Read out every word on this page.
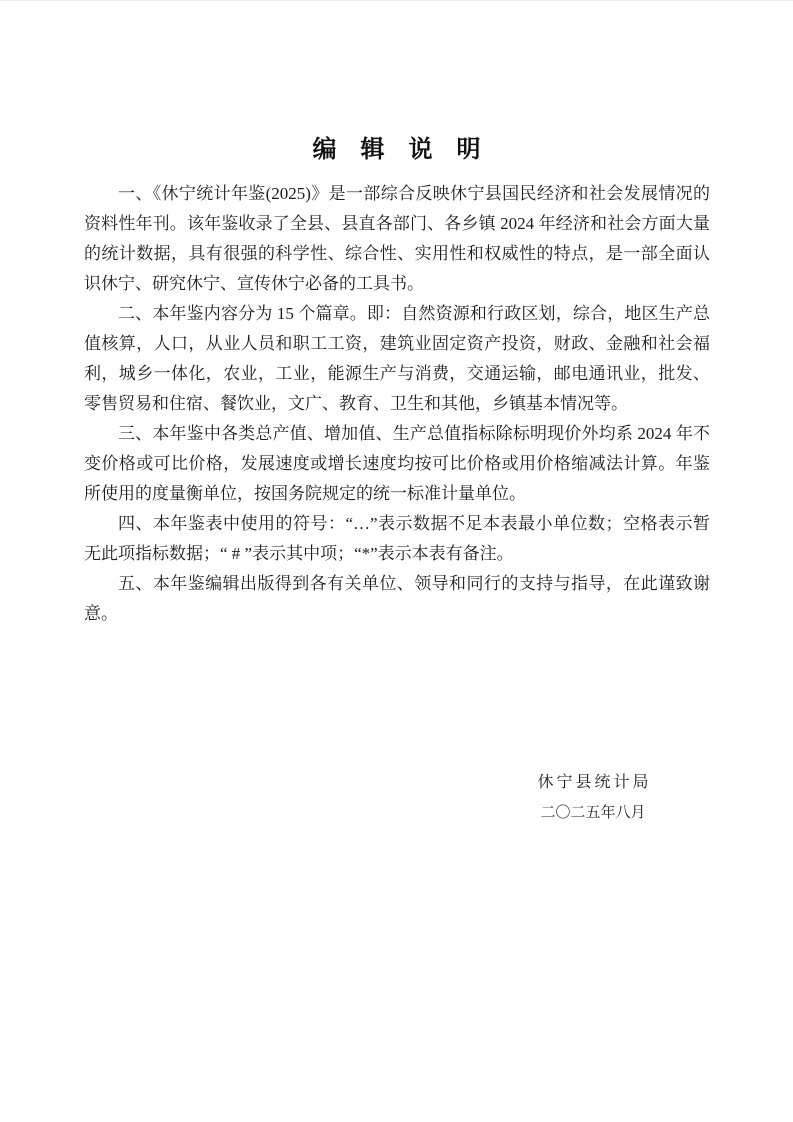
编　辑　说　明

一、《休宁统计年鉴(2025)》是一部综合反映休宁县国民经济和社会发展情况的资料性年刊。该年鉴收录了全县、县直各部门、各乡镇 2024 年经济和社会方面大量的统计数据，具有很强的科学性、综合性、实用性和权威性的特点，是一部全面认识休宁、研究休宁、宣传休宁必备的工具书。

二、本年鉴内容分为 15 个篇章。即：自然资源和行政区划，综合，地区生产总值核算，人口，从业人员和职工工资，建筑业固定资产投资，财政、金融和社会福利，城乡一体化，农业，工业，能源生产与消费，交通运输，邮电通讯业，批发、零售贸易和住宿、餐饮业，文广、教育、卫生和其他，乡镇基本情况等。

三、本年鉴中各类总产值、增加值、生产总值指标除标明现价外均系 2024 年不变价格或可比价格，发展速度或增长速度均按可比价格或用价格缩减法计算。年鉴所使用的度量衡单位，按国务院规定的统一标准计量单位。

四、本年鉴表中使用的符号：“…”表示数据不足本表最小单位数；空格表示暂无此项指标数据；“ # ”表示其中项；“*”表示本表有备注。

五、本年鉴编辑出版得到各有关单位、领导和同行的支持与指导，在此谨致谢意。

休宁县统计局
二〇二五年八月
